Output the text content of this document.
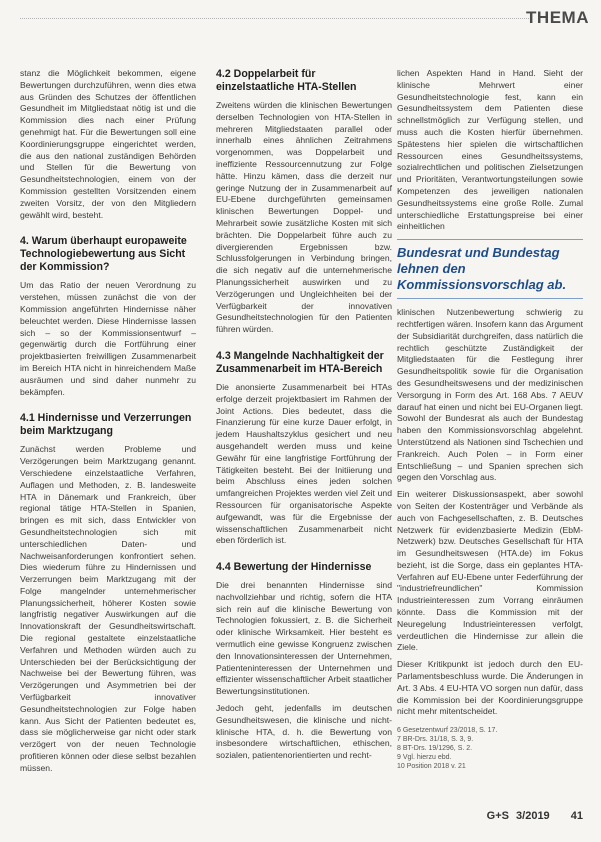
THEMA
stanz die Möglichkeit bekommen, eigene Bewertungen durchzuführen, wenn dies etwa aus Gründen des Schutzes der öffentlichen Gesundheit im Mitgliedstaat nötig ist und die Kommission dies nach einer Prüfung genehmigt hat. Für die Bewertungen soll eine Koordinierungsgruppe eingerichtet werden, die aus den national zuständigen Behörden und Stellen für die Bewertung von Gesundheitstechnologien, einem von der Kommission gestellten Vorsitzenden einem zweiten Vorsitz, der von den Mitgliedern gewählt wird, besteht.
4. Warum überhaupt europaweite Technologiebewertung aus Sicht der Kommission?
Um das Ratio der neuen Verordnung zu verstehen, müssen zunächst die von der Kommission angeführten Hindernisse näher beleuchtet werden. Diese Hindernisse lassen sich – so der Kommissionsentwurf – gegenwärtig durch die Fortführung einer projektbasierten freiwilligen Zusammenarbeit im Bereich HTA nicht in hinreichendem Maße ausräumen und sind daher nunmehr zu bekämpfen.
4.1 Hindernisse und Verzerrungen beim Marktzugang
Zunächst werden Probleme und Verzögerungen beim Marktzugang genannt. Verschiedene einzelstaatliche Verfahren, Auflagen und Methoden, z. B. landesweite HTA in Dänemark und Frankreich, über regional tätige HTA-Stellen in Spanien, bringen es mit sich, dass Entwickler von Gesundheitstechnologien sich mit unterschiedlichen Daten- und Nachweisanforderungen konfrontiert sehen. Dies wiederum führe zu Hindernissen und Verzerrungen beim Marktzugang mit der Folge mangelnder unternehmerischer Planungssicherheit, höherer Kosten sowie langfristig negativer Auswirkungen auf die Innovationskraft der Gesundheitswirtschaft. Die regional gestaltete einzelstaatliche Verfahren und Methoden würden auch zu Unterschieden bei der Berücksichtigung der Nachweise bei der Bewertung führen, was Verzögerungen und Asymmetrien bei der Verfügbarkeit innovativer Gesundheitstechnologien zur Folge haben kann. Aus Sicht der Patienten bedeutet es, dass sie möglicherweise gar nicht oder stark verzögert von der neuen Technologie profitieren können oder diese selbst bezahlen müssen.
4.2 Doppelarbeit für einzelstaatliche HTA-Stellen
Zweitens würden die klinischen Bewertungen derselben Technologien von HTA-Stellen in mehreren Mitgliedstaaten parallel oder innerhalb eines ähnlichen Zeitrahmens vorgenommen, was Doppelarbeit und ineffiziente Ressourcennutzung zur Folge hätte. Hinzu kämen, dass die derzeit nur geringe Nutzung der in Zusammenarbeit auf EU-Ebene durchgeführten gemeinsamen klinischen Bewertungen Doppel- und Mehrarbeit sowie zusätzliche Kosten mit sich brächten. Die Doppelarbeit führe auch zu divergierenden Ergebnissen bzw. Schlussfolgerungen in Verbindung bringen, die sich negativ auf die unternehmerische Planungssicherheit auswirken und zu Verzögerungen und Ungleichheiten bei der Verfügbarkeit der innovativen Gesundheitstechnologien für den Patienten führen würden.
4.3 Mangelnde Nachhaltigkeit der Zusammenarbeit im HTA-Bereich
Die anonsierte Zusammenarbeit bei HTAs erfolge derzeit projektbasiert im Rahmen der Joint Actions. Dies bedeutet, dass die Finanzierung für eine kurze Dauer erfolgt, in jedem Haushaltszyklus gesichert und neu ausgehandelt werden muss und keine Gewähr für eine langfristige Fortführung der Tätigkeiten besteht. Bei der Initiierung und beim Abschluss eines jeden solchen umfangreichen Projektes werden viel Zeit und Ressourcen für organisatorische Aspekte aufgewandt, was für die Ergebnisse der wissenschaftlichen Zusammenarbeit nicht eben förderlich ist.
4.4 Bewertung der Hindernisse
Die drei benannten Hindernisse sind nachvollziehbar und richtig, sofern die HTA sich rein auf die klinische Bewertung von Technologien fokussiert, z. B. die Sicherheit oder klinische Wirksamkeit. Hier besteht es vermutlich eine gewisse Kongruenz zwischen den Innovationsinteressen der Unternehmen, Patienteninteressen der Unternehmen und effizienter wissenschaftlicher Arbeit staatlicher Bewertungsinstitutionen.
Jedoch geht, jedenfalls im deutschen Gesundheitswesen, die klinische und nicht-klinische HTA, d. h. die Bewertung von insbesondere wirtschaftlichen, ethischen, sozialen, patientenorientierten und recht-
lichen Aspekten Hand in Hand. Sieht der klinische Mehrwert einer Gesundheitstechnologie fest, kann ein Gesundheitssystem dem Patienten diese schnellstmöglich zur Verfügung stellen, und muss auch die Kosten hierfür übernehmen. Spätestens hier spielen die wirtschaftlichen Ressourcen eines Gesundheitssystems, sozialrechtlichen und politischen Zielsetzungen und Prioritäten, Verantwortungsteilungen sowie Kompetenzen des jeweiligen nationalen Gesundheitssystems eine große Rolle. Zumal unterschiedliche Erstattungspreise bei einer einheitlichen
Bundesrat und Bundestag lehnen den Kommissionsvorschlag ab.
klinischen Nutzenbewertung schwierig zu rechtfertigen wären. Insofern kann das Argument der Subsidiarität durchgreifen, dass natürlich die rechtlich geschützte Zuständigkeit der Mitgliedstaaten für die Festlegung ihrer Gesundheitspolitik sowie für die Organisation des Gesundheitswesens und der medizinischen Versorgung in Form des Art. 168 Abs. 7 AEUV darauf hat einen und nicht bei EU-Organen liegt. Sowohl der Bundesrat als auch der Bundestag haben den Kommissionsvorschlag abgelehnt. Unterstützend als Nationen sind Tschechien und Frankreich. Auch Polen – in Form einer Entschließung – und Spanien sprechen sich gegen den Vorschlag aus.
Ein weiterer Diskussionsaspekt, aber sowohl von Seiten der Kostenträger und Verbände als auch von Fachgesellschaften, z. B. Deutsches Netzwerk für evidenzbasierte Medizin (EbM-Netzwerk) bzw. Deutsches Gesellschaft für HTA im Gesundheitswesen (HTA.de) im Fokus bezieht, ist die Sorge, dass ein geplantes HTA-Verfahren auf EU-Ebene unter Federführung der "industriefreundlichen" Kommission Industrieinteressen zum Vorrang einräumen könnte. Dass die Kommission mit der Neuregelung Industrieinteressen verfolgt, verdeutlichen die Hindernisse zur allein die Ziele.
Dieser Kritikpunkt ist jedoch durch den EU-Parlamentsbeschluss wurde. Die Änderungen in Art. 3 Abs. 4 EU-HTA VO sorgen nun dafür, dass die Kommission bei der Koordinierungsgruppe nicht mehr mitentscheidet.
6 Gesetzentwurf 23/2018, S. 17.
7 BR-Drs. 31/18, S. 3, 9.
8 BT-Drs. 19/1296, S. 2.
9 Vgl. hierzu ebd.
10 Position 2018 v. 21
G+S 3/2019 41
